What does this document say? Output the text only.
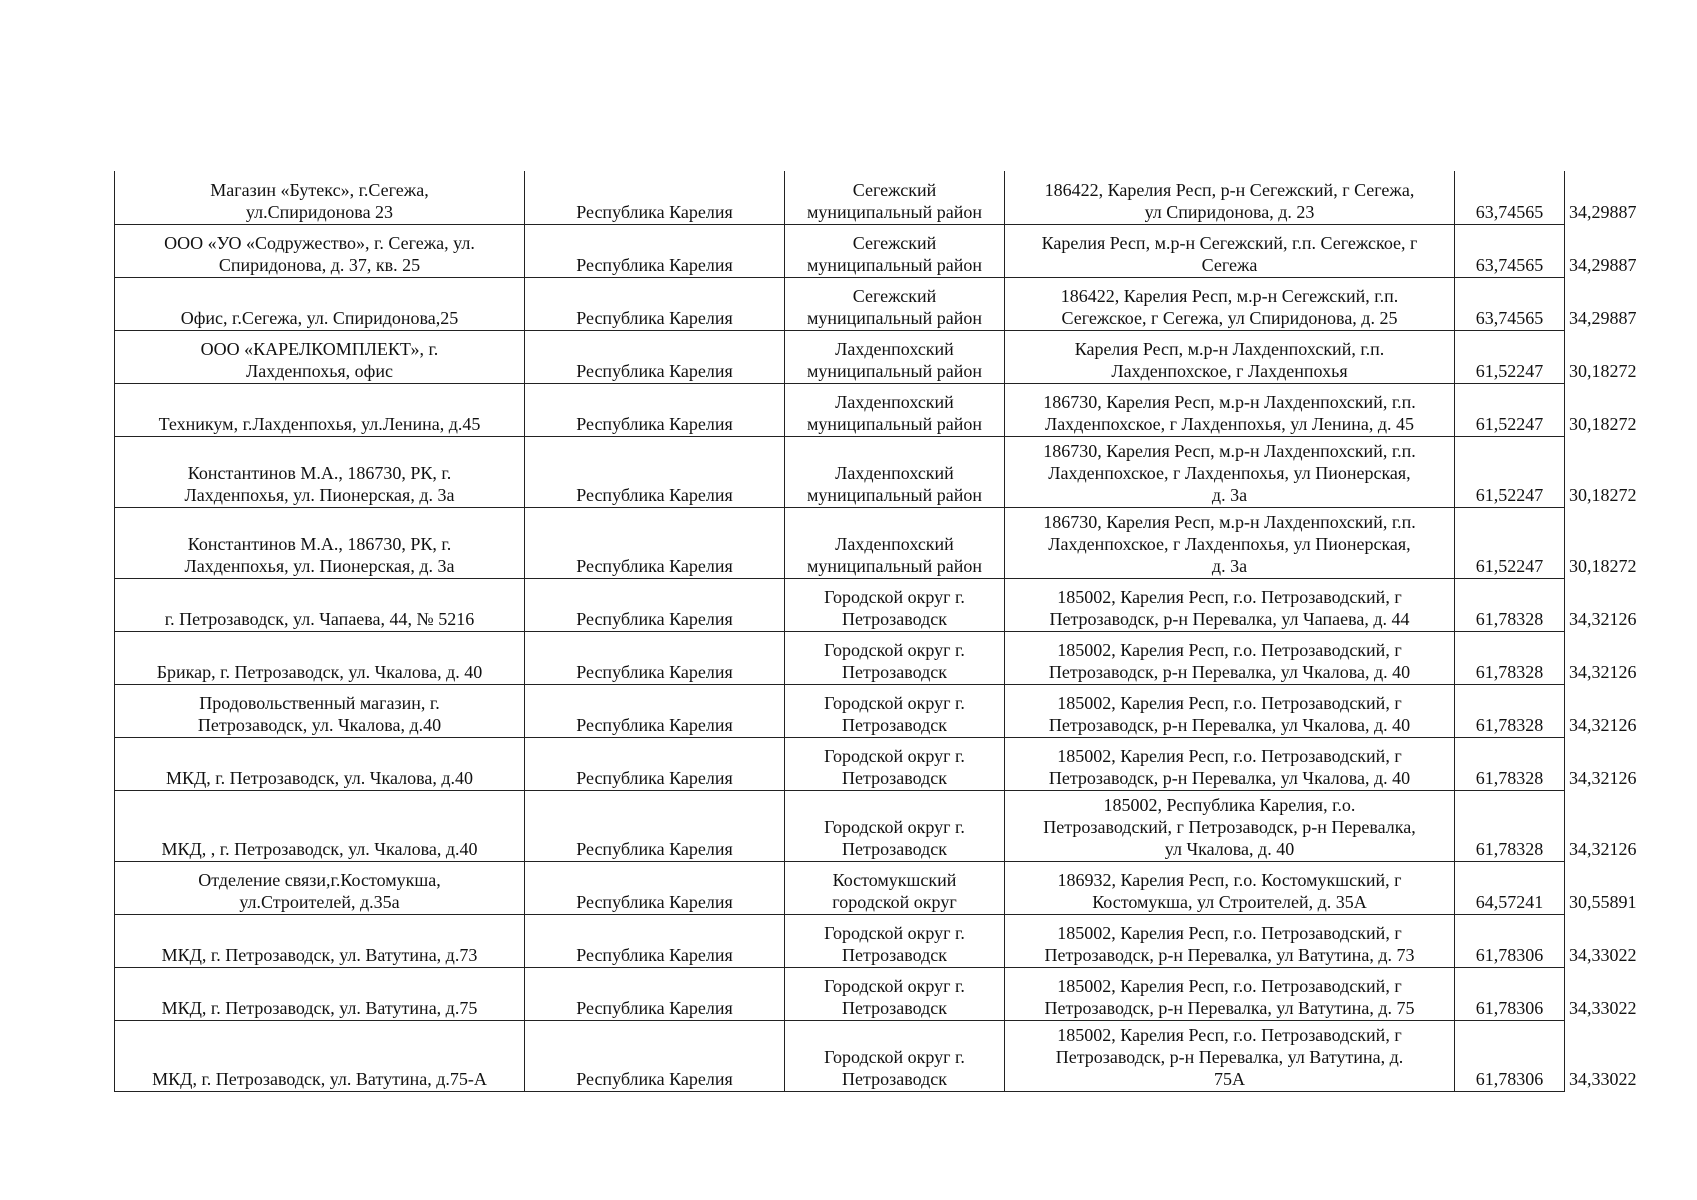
Магазин «Бутекс», г.Сегежа,
ул.Спиридонова 23	Республика Карелия	Сегежский
муниципальный район	186422, Карелия Респ, р-н Сегежский, г Сегежа,
ул Спиридонова, д. 23	63,74565	34,29887
ООО «УО «Содружество», г. Сегежа, ул.
Спиридонова, д. 37, кв. 25	Республика Карелия	Сегежский
муниципальный район	Карелия Респ, м.р-н Сегежский, г.п. Сегежское, г
Сегежа	63,74565	34,29887
Офис, г.Сегежа, ул. Спиридонова,25	Республика Карелия	Сегежский
муниципальный район	186422, Карелия Респ, м.р-н Сегежский, г.п.
Сегежское, г Сегежа, ул Спиридонова, д. 25	63,74565	34,29887
ООО «КАРЕЛКОМПЛЕКТ», г.
Лахденпохья, офис	Республика Карелия	Лахденпохский
муниципальный район	Карелия Респ, м.р-н Лахденпохский, г.п.
Лахденпохское, г Лахденпохья	61,52247	30,18272
Техникум, г.Лахденпохья, ул.Ленина, д.45	Республика Карелия	Лахденпохский
муниципальный район	186730, Карелия Респ, м.р-н Лахденпохский, г.п.
Лахденпохское, г Лахденпохья, ул Ленина, д. 45	61,52247	30,18272
Константинов М.А., 186730, РК, г.
Лахденпохья, ул. Пионерская, д. 3а	Республика Карелия	Лахденпохский
муниципальный район	186730, Карелия Респ, м.р-н Лахденпохский, г.п.
Лахденпохское, г Лахденпохья, ул Пионерская,
д. 3а	61,52247	30,18272
Константинов М.А., 186730, РК, г.
Лахденпохья, ул. Пионерская, д. 3а	Республика Карелия	Лахденпохский
муниципальный район	186730, Карелия Респ, м.р-н Лахденпохский, г.п.
Лахденпохское, г Лахденпохья, ул Пионерская,
д. 3а	61,52247	30,18272
г. Петрозаводск, ул. Чапаева, 44, № 5216	Республика Карелия	Городской округ г.
Петрозаводск	185002, Карелия Респ, г.о. Петрозаводский, г
Петрозаводск, р-н Перевалка, ул Чапаева, д. 44	61,78328	34,32126
Брикар, г. Петрозаводск, ул. Чкалова, д. 40	Республика Карелия	Городской округ г.
Петрозаводск	185002, Карелия Респ, г.о. Петрозаводский, г
Петрозаводск, р-н Перевалка, ул Чкалова, д. 40	61,78328	34,32126
Продовольственный магазин, г.
Петрозаводск, ул. Чкалова, д.40	Республика Карелия	Городской округ г.
Петрозаводск	185002, Карелия Респ, г.о. Петрозаводский, г
Петрозаводск, р-н Перевалка, ул Чкалова, д. 40	61,78328	34,32126
МКД, г. Петрозаводск, ул. Чкалова, д.40	Республика Карелия	Городской округ г.
Петрозаводск	185002, Карелия Респ, г.о. Петрозаводский, г
Петрозаводск, р-н Перевалка, ул Чкалова, д. 40	61,78328	34,32126
МКД, , г. Петрозаводск, ул. Чкалова, д.40	Республика Карелия	Городской округ г.
Петрозаводск	185002, Республика Карелия, г.о.
Петрозаводский, г Петрозаводск, р-н Перевалка,
ул Чкалова, д. 40	61,78328	34,32126
Отделение связи,г.Костомукша,
ул.Строителей, д.35а	Республика Карелия	Костомукшский
городской округ	186932, Карелия Респ, г.о. Костомукшский, г
Костомукша, ул Строителей, д. 35А	64,57241	30,55891
МКД, г. Петрозаводск, ул. Ватутина, д.73	Республика Карелия	Городской округ г.
Петрозаводск	185002, Карелия Респ, г.о. Петрозаводский, г
Петрозаводск, р-н Перевалка, ул Ватутина, д. 73	61,78306	34,33022
МКД, г. Петрозаводск, ул. Ватутина, д.75	Республика Карелия	Городской округ г.
Петрозаводск	185002, Карелия Респ, г.о. Петрозаводский, г
Петрозаводск, р-н Перевалка, ул Ватутина, д. 75	61,78306	34,33022
МКД, г. Петрозаводск, ул. Ватутина, д.75-А	Республика Карелия	Городской округ г.
Петрозаводск	185002, Карелия Респ, г.о. Петрозаводский, г
Петрозаводск, р-н Перевалка, ул Ватутина, д.
75А	61,78306	34,33022
